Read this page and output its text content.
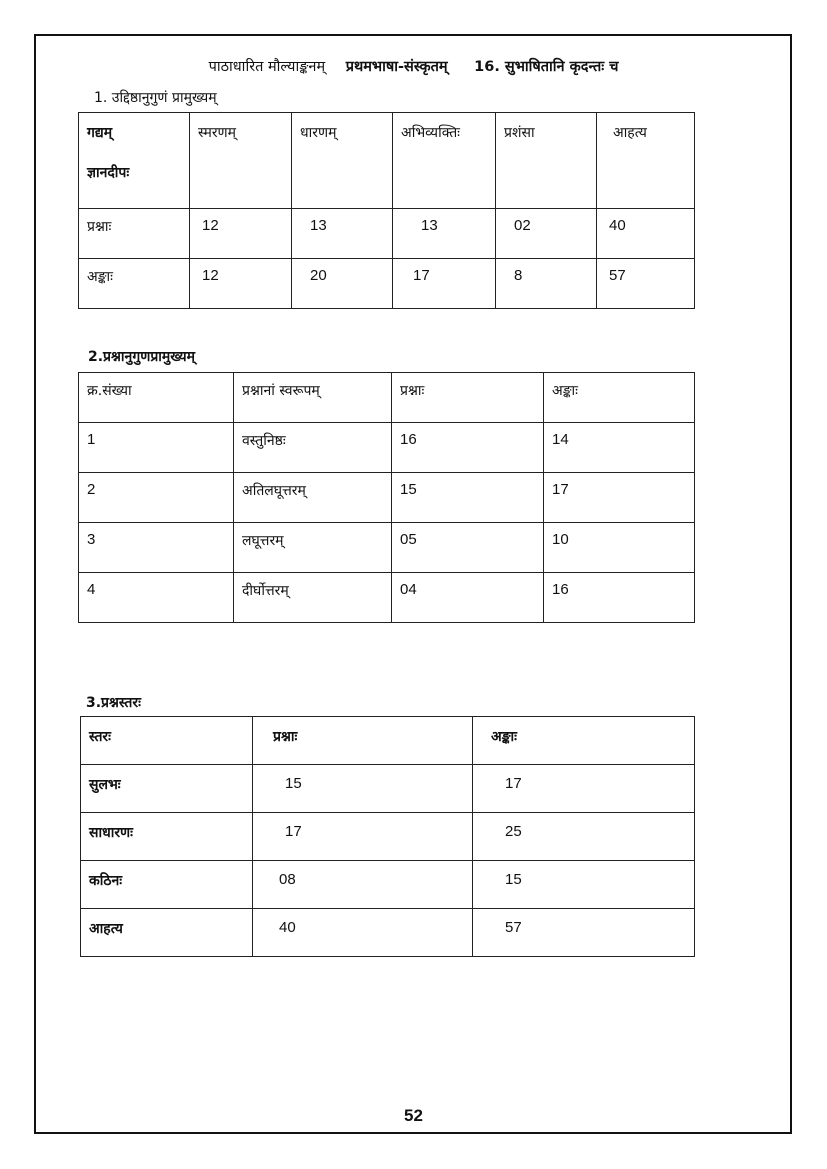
पाठाधारित मौल्याङ्कनम् प्रथमभाषा-संस्कृतम् 16. सुभाषितानि कृदन्तः च
1. उद्दिष्ठानुगुणं प्रामुख्यम्
गद्यम्
ज्ञानदीपः	स्मरणम्	धारणम्	अभिव्यक्तिः	प्रशंसा	आहत्य
प्रश्नाः	12	13	13	02	40
अङ्काः	12	20	17	8	57
2.प्रश्नानुगुणप्रामुख्यम्
क्र.संख्या	प्रश्नानां स्वरूपम्	प्रश्नाः	अङ्काः
1	वस्तुनिष्ठः	16	14
2	अतिलघूत्तरम्	15	17
3	लघूत्तरम्	05	10
4	दीर्घोत्तरम्	04	16
3.प्रश्नस्तरः
स्तरः	प्रश्नाः	अङ्काः
सुलभः	15	17
साधारणः	17	25
कठिनः	08	15
आहत्य	40	57
52
